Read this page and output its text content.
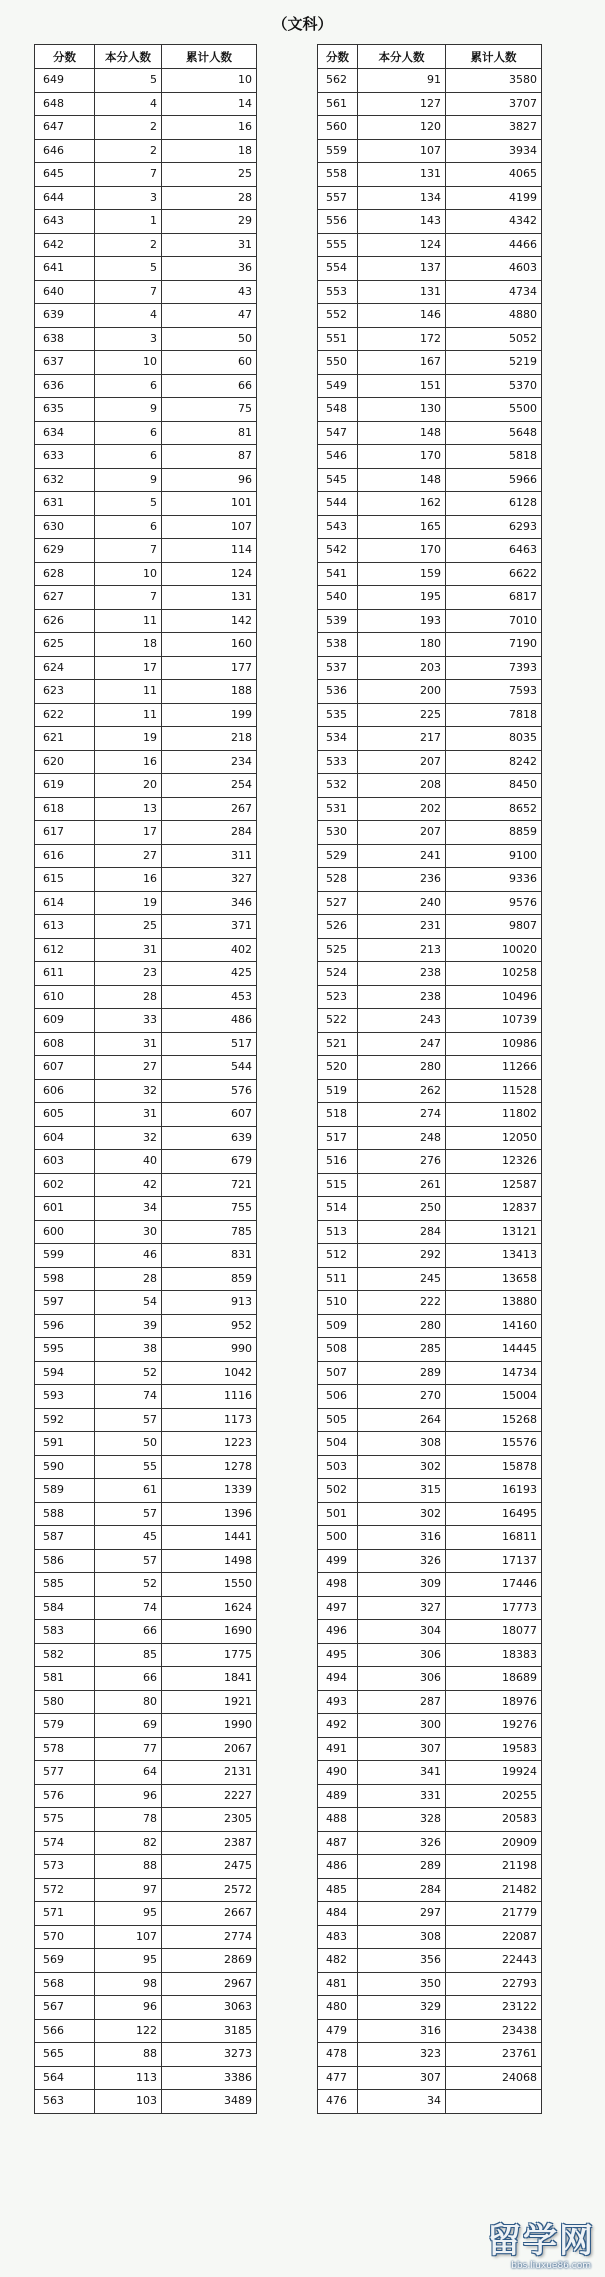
（文科）
分数	本分人数	累计人数
649	5	10
648	4	14
647	2	16
646	2	18
645	7	25
644	3	28
643	1	29
642	2	31
641	5	36
640	7	43
639	4	47
638	3	50
637	10	60
636	6	66
635	9	75
634	6	81
633	6	87
632	9	96
631	5	101
630	6	107
629	7	114
628	10	124
627	7	131
626	11	142
625	18	160
624	17	177
623	11	188
622	11	199
621	19	218
620	16	234
619	20	254
618	13	267
617	17	284
616	27	311
615	16	327
614	19	346
613	25	371
612	31	402
611	23	425
610	28	453
609	33	486
608	31	517
607	27	544
606	32	576
605	31	607
604	32	639
603	40	679
602	42	721
601	34	755
600	30	785
599	46	831
598	28	859
597	54	913
596	39	952
595	38	990
594	52	1042
593	74	1116
592	57	1173
591	50	1223
590	55	1278
589	61	1339
588	57	1396
587	45	1441
586	57	1498
585	52	1550
584	74	1624
583	66	1690
582	85	1775
581	66	1841
580	80	1921
579	69	1990
578	77	2067
577	64	2131
576	96	2227
575	78	2305
574	82	2387
573	88	2475
572	97	2572
571	95	2667
570	107	2774
569	95	2869
568	98	2967
567	96	3063
566	122	3185
565	88	3273
564	113	3386
563	103	3489
分数	本分人数	累计人数
562	91	3580
561	127	3707
560	120	3827
559	107	3934
558	131	4065
557	134	4199
556	143	4342
555	124	4466
554	137	4603
553	131	4734
552	146	4880
551	172	5052
550	167	5219
549	151	5370
548	130	5500
547	148	5648
546	170	5818
545	148	5966
544	162	6128
543	165	6293
542	170	6463
541	159	6622
540	195	6817
539	193	7010
538	180	7190
537	203	7393
536	200	7593
535	225	7818
534	217	8035
533	207	8242
532	208	8450
531	202	8652
530	207	8859
529	241	9100
528	236	9336
527	240	9576
526	231	9807
525	213	10020
524	238	10258
523	238	10496
522	243	10739
521	247	10986
520	280	11266
519	262	11528
518	274	11802
517	248	12050
516	276	12326
515	261	12587
514	250	12837
513	284	13121
512	292	13413
511	245	13658
510	222	13880
509	280	14160
508	285	14445
507	289	14734
506	270	15004
505	264	15268
504	308	15576
503	302	15878
502	315	16193
501	302	16495
500	316	16811
499	326	17137
498	309	17446
497	327	17773
496	304	18077
495	306	18383
494	306	18689
493	287	18976
492	300	19276
491	307	19583
490	341	19924
489	331	20255
488	328	20583
487	326	20909
486	289	21198
485	284	21482
484	297	21779
483	308	22087
482	356	22443
481	350	22793
480	329	23122
479	316	23438
478	323	23761
477	307	24068
476	34	
留学网
bbs.liuxue86.com
